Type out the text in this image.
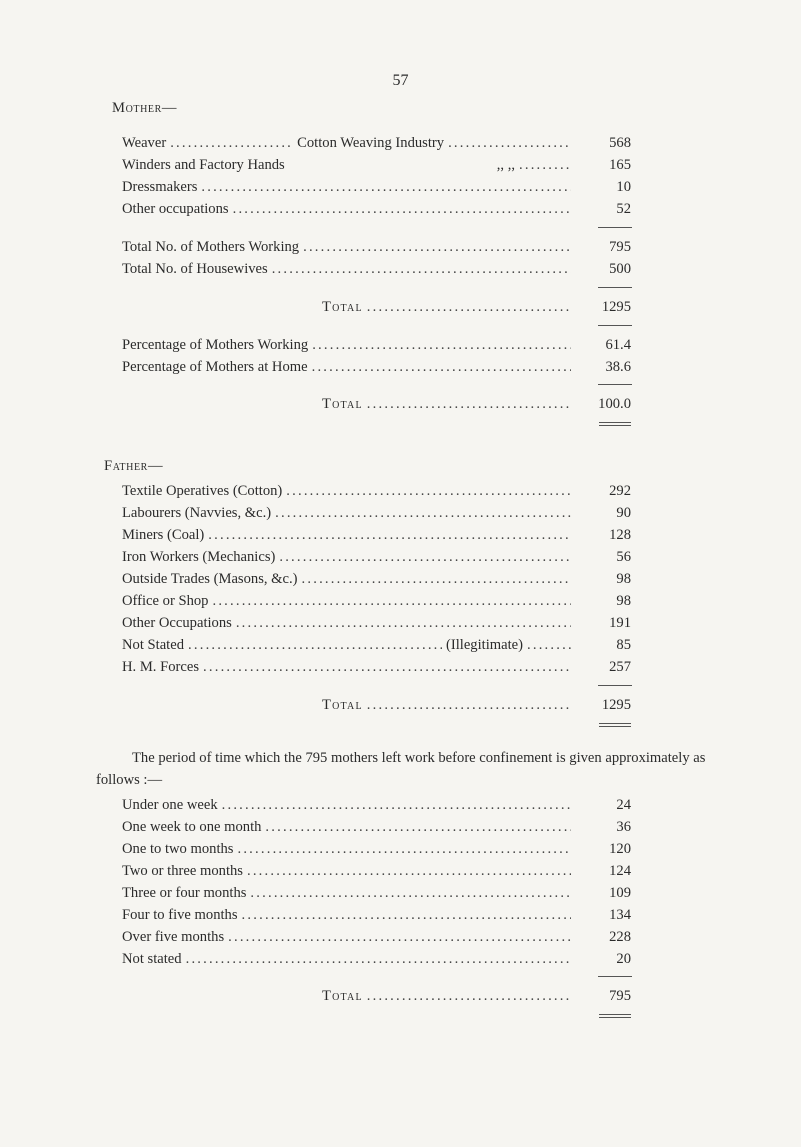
57
Mother—
Weaver .....	Cotton Weaving Industry .....	568
Winders and Factory Hands	,, ,, .....	165
Dressmakers .....	10
Other occupations .....	52
Total No. of Mothers Working .....	795
Total No. of Housewives .....	500
Total .....	1295
Percentage of Mothers Working .....	61.4
Percentage of Mothers at Home .....	38.6
Total .....	100.0
Father—
Textile Operatives (Cotton) .....	292
Labourers (Navvies, &c.) .....	90
Miners (Coal) .....	128
Iron Workers (Mechanics) .....	56
Outside Trades (Masons, &c.) .....	98
Office or Shop .....	98
Other Occupations .....	191
Not Stated .....	(Illegitimate) .....	85
H. M. Forces .....	257
Total .....	1295
The period of time which the 795 mothers left work before confinement is given approximately as follows :—
Under one week .....	24
One week to one month .....	36
One to two months .....	120
Two or three months .....	124
Three or four months .....	109
Four to five months .....	134
Over five months .....	228
Not stated .....	20
Total .....	795
